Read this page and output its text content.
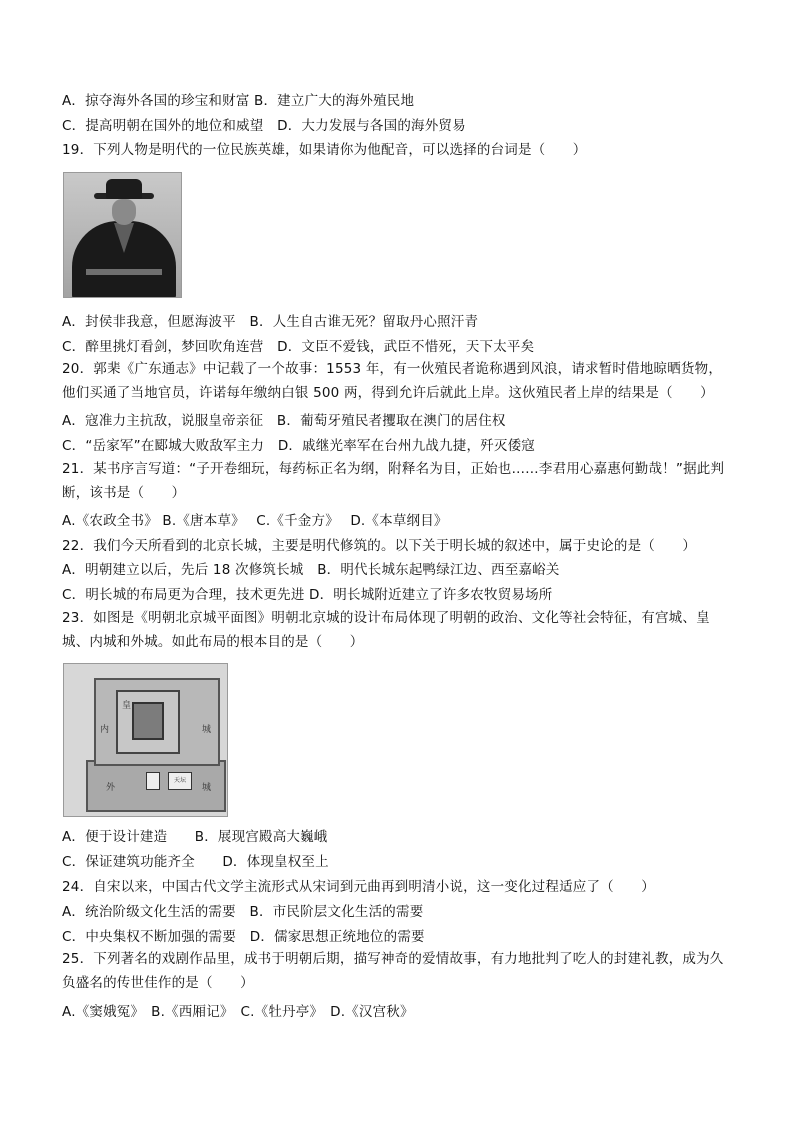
A．掠夺海外各国的珍宝和财富 B．建立广大的海外殖民地
C．提高明朝在国外的地位和威望　D．大力发展与各国的海外贸易
19．下列人物是明代的一位民族英雄，如果请你为他配音，可以选择的台词是（　　）
A．封侯非我意，但愿海波平　B．人生自古谁无死？留取丹心照汗青
C．醉里挑灯看剑，梦回吹角连营　D．文臣不爱钱，武臣不惜死，天下太平矣
20．郭棐《广东通志》中记载了一个故事：1553 年，有一伙殖民者诡称遇到风浪，请求暂时借地晾晒货物，他们买通了当地官员，许诺每年缴纳白银 500 两，得到允许后就此上岸。这伙殖民者上岸的结果是（　　）
A．寇准力主抗敌，说服皇帝亲征　B．葡萄牙殖民者攫取在澳门的居住权
C．“岳家军”在郾城大败敌军主力　D．戚继光率军在台州九战九捷，歼灭倭寇
21．某书序言写道：“子开卷细玩，每药标正名为纲，附释名为目，正始也……李君用心嘉惠何勤哉！”据此判断，该书是（　　）
A.《农政全书》 B.《唐本草》　 C.《千金方》　 D.《本草纲目》
22．我们今天所看到的北京长城，主要是明代修筑的。以下关于明长城的叙述中，属于史论的是（　　）
A．明朝建立以后，先后 18 次修筑长城　B．明代长城东起鸭绿江边、西至嘉峪关
C．明长城的布局更为合理，技术更先进 D．明长城附近建立了许多农牧贸易场所
23．如图是《明朝北京城平面图》明朝北京城的设计布局体现了明朝的政治、文化等社会特征，有宫城、皇城、内城和外城。如此布局的根本目的是（　　）
天坛
内
外
皇
城
城
A．便于设计建造　　B．展现宫殿高大巍峨
C．保证建筑功能齐全　　D．体现皇权至上
24．自宋以来，中国古代文学主流形式从宋词到元曲再到明清小说，这一变化过程适应了（　　）
A．统治阶级文化生活的需要　B．市民阶层文化生活的需要
C．中央集权不断加强的需要　D．儒家思想正统地位的需要
25．下列著名的戏剧作品里，成书于明朝后期，描写神奇的爱情故事，有力地批判了吃人的封建礼教，成为久负盛名的传世佳作的是（　　）
A.《窦娥冤》　B.《西厢记》　C.《牡丹亭》　D.《汉宫秋》
